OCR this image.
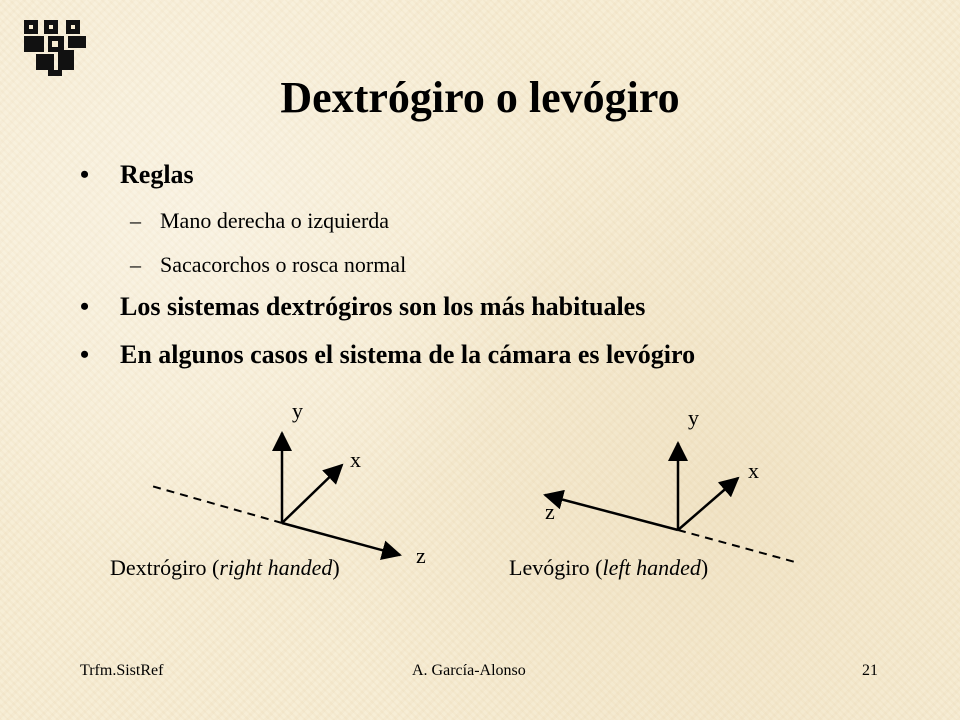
Dextrógiro o levógiro
• Reglas
– Mano derecha o izquierda
– Sacacorchos o rosca normal
• Los sistemas dextrógiros son los más habituales
• En algunos casos el sistema de la cámara es levógiro
y
x
z
y
x
z
Dextrógiro (right handed)	Levógiro (left handed)
Trfm.SistRef	A. García-Alonso	21
